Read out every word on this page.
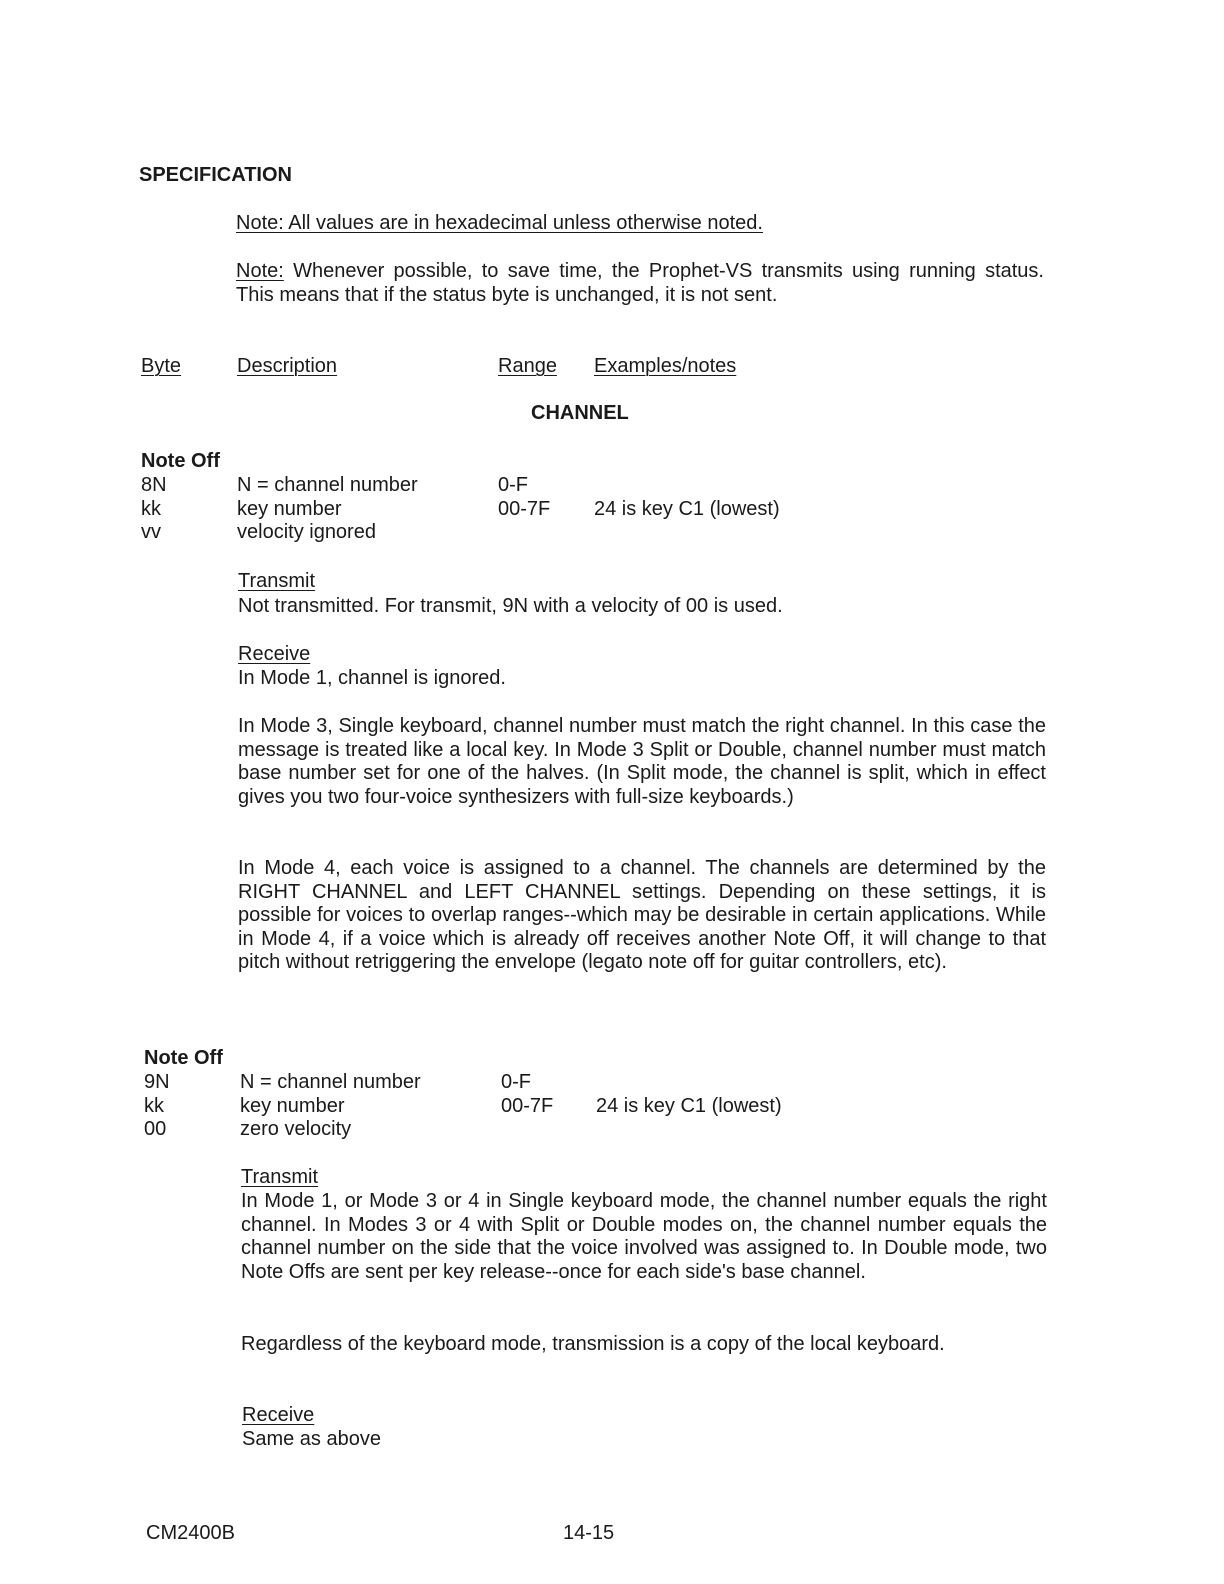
SPECIFICATION
Note: All values are in hexadecimal unless otherwise noted.

Note: Whenever possible, to save time, the Prophet-VS transmits using running status. This means that if the status byte is unchanged, it is not sent.

Byte	Description	Range Examples/notes
CHANNEL
Note Off
8N	N = channel number	0-F
kk	key number	00-7F 24 is key C1 (lowest)
vv	velocity ignored
Transmit
Not transmitted. For transmit, 9N with a velocity of 00 is used.
Receive
In Mode 1, channel is ignored.

In Mode 3, Single keyboard, channel number must match the right channel. In this case the message is treated like a local key. In Mode 3 Split or Double, channel number must match base number set for one of the halves. (In Split mode, the channel is split, which in effect gives you two four-voice synthesizers with full-size keyboards.)

In Mode 4, each voice is assigned to a channel. The channels are determined by the RIGHT CHANNEL and LEFT CHANNEL settings. Depending on these settings, it is possible for voices to overlap ranges--which may be desirable in certain applications. While in Mode 4, if a voice which is already off receives another Note Off, it will change to that pitch without retriggering the envelope (legato note off for guitar controllers, etc).

Note Off
9N	N = channel number	0-F
kk	key number	00-7F 24 is key C1 (lowest)
00	zero velocity
Transmit

In Mode 1, or Mode 3 or 4 in Single keyboard mode, the channel number equals the right channel. In Modes 3 or 4 with Split or Double modes on, the channel number equals the channel number on the side that the voice involved was assigned to. In Double mode, two Note Offs are sent per key release--once for each side's base channel.

Regardless of the keyboard mode, transmission is a copy of the local keyboard.

Receive
Same as above
CM2400B	14-15
